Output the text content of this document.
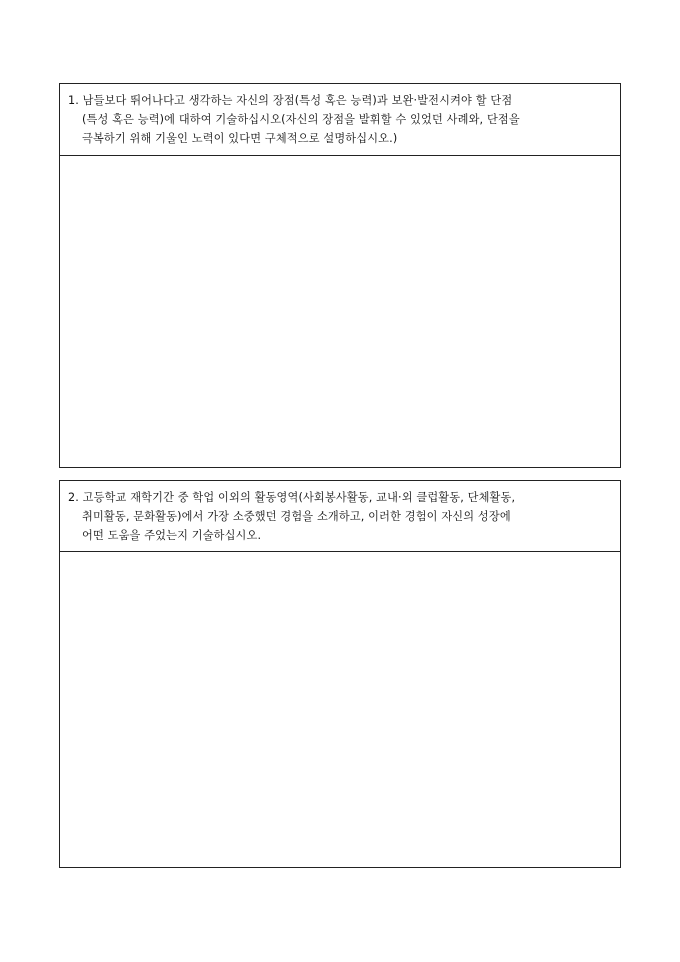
1. 남들보다 뛰어나다고 생각하는 자신의 장점(특성 혹은 능력)과 보완·발전시켜야 할 단점
(특성 혹은 능력)에 대하여 기술하십시오(자신의 장점을 발휘할 수 있었던 사례와, 단점을
극복하기 위해 기울인 노력이 있다면 구체적으로 설명하십시오.)
2. 고등학교 재학기간 중 학업 이외의 활동영역(사회봉사활동, 교내·외 클럽활동, 단체활동,
취미활동, 문화활동)에서 가장 소중했던 경험을 소개하고, 이러한 경험이 자신의 성장에
어떤 도움을 주었는지 기술하십시오.
